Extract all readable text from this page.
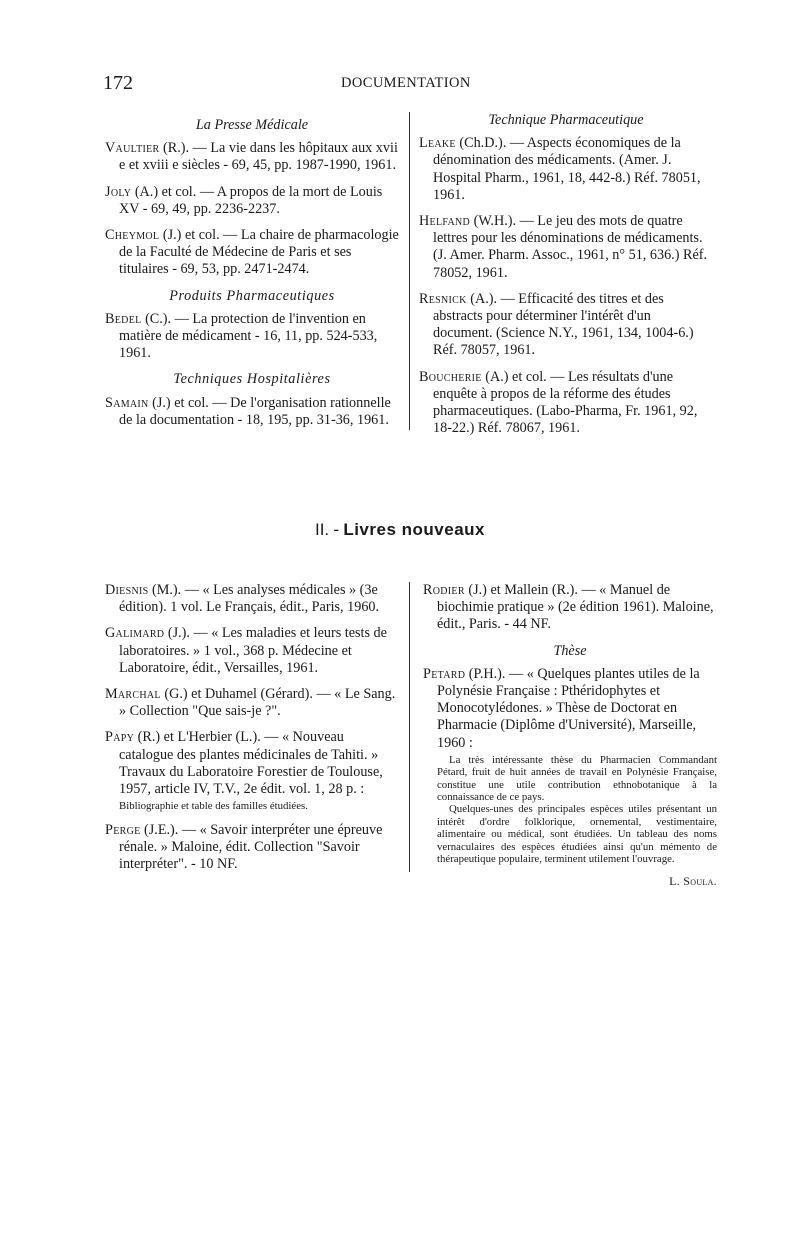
172	DOCUMENTATION
La Presse Médicale
Vaultier (R.). — La vie dans les hôpitaux aux xvii e et xviii e siècles - 69, 45, pp. 1987-1990, 1961.
Joly (A.) et col. — A propos de la mort de Louis XV - 69, 49, pp. 2236-2237.
Cheymol (J.) et col. — La chaire de pharmacologie de la Faculté de Médecine de Paris et ses titulaires - 69, 53, pp. 2471-2474.
Produits Pharmaceutiques
Bedel (C.). — La protection de l'invention en matière de médicament - 16, 11, pp. 524-533, 1961.
Techniques Hospitalières
Samain (J.) et col. — De l'organisation rationnelle de la documentation - 18, 195, pp. 31-36, 1961.
Technique Pharmaceutique
Leake (Ch.D.). — Aspects économiques de la dénomination des médicaments. (Amer. J. Hospital Pharm., 1961, 18, 442-8.) Réf. 78051, 1961.
Helfand (W.H.). — Le jeu des mots de quatre lettres pour les dénominations de médicaments. (J. Amer. Pharm. Assoc., 1961, n° 51, 636.) Réf. 78052, 1961.
Resnick (A.). — Efficacité des titres et des abstracts pour déterminer l'intérêt d'un document. (Science N.Y., 1961, 134, 1004-6.) Réf. 78057, 1961.
Boucherie (A.) et col. — Les résultats d'une enquête à propos de la réforme des études pharmaceutiques. (Labo-Pharma, Fr. 1961, 92, 18-22.) Réf. 78067, 1961.
II. - Livres nouveaux
Diesnis (M.). — « Les analyses médicales » (3e édition). 1 vol. Le Français, édit., Paris, 1960.
Galimard (J.). — « Les maladies et leurs tests de laboratoires. » 1 vol., 368 p. Médecine et Laboratoire, édit., Versailles, 1961.
Marchal (G.) et Duhamel (Gérard). — « Le Sang. » Collection "Que sais-je ?".
Papy (R.) et L'Herbier (L.). — « Nouveau catalogue des plantes médicinales de Tahiti. » Travaux du Laboratoire Forestier de Toulouse, 1957, article IV, T.V., 2e édit. vol. 1, 28 p. :
Bibliographie et table des familles étudiées.
Perge (J.E.). — « Savoir interpréter une épreuve rénale. » Maloine, édit. Collection "Savoir interpréter". - 10 NF.
Rodier (J.) et Mallein (R.). — « Manuel de biochimie pratique » (2e édition 1961). Maloine, édit., Paris. - 44 NF.
Thèse
Petard (P.H.). — « Quelques plantes utiles de la Polynésie Française : Pthéridophytes et Monocotylédones. » Thèse de Doctorat en Pharmacie (Diplôme d'Université), Marseille, 1960 :
La très intéressante thèse du Pharmacien Commandant Pétard, fruit de huit années de travail en Polynésie Française, constitue une utile contribution ethnobotanique à la connaissance de ce pays.
Quelques-unes des principales espèces utiles présentant un intérêt d'ordre folklorique, ornemental, vestimentaire, alimentaire ou médical, sont étudiées. Un tableau des noms vernaculaires des espèces étudiées ainsi qu'un mémento de thérapeutique populaire, terminent utilement l'ouvrage.
L. Soula.
